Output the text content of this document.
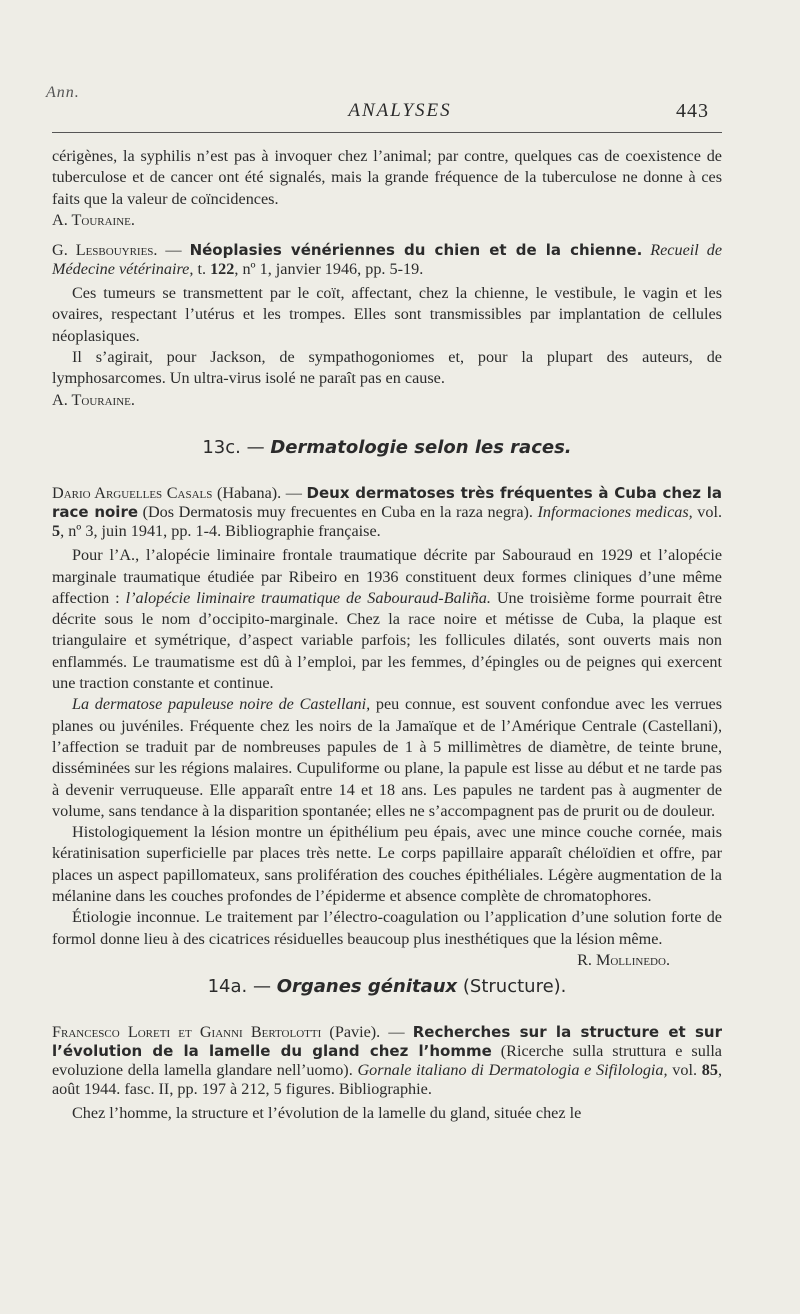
Ann.
ANALYSES	443

cérigènes, la syphilis n’est pas à invoquer chez l’animal; par contre, quelques cas de coexistence de tuberculose et de cancer ont été signalés, mais la grande fréquence de la tuberculose ne donne à ces faits que la valeur de coïncidences.

A. Touraine.

G. Lesbouyries. — Néoplasies vénériennes du chien et de la chienne. Recueil de Médecine vétérinaire, t. 122, nº 1, janvier 1946, pp. 5-19.

Ces tumeurs se transmettent par le coït, affectant, chez la chienne, le vestibule, le vagin et les ovaires, respectant l’utérus et les trompes. Elles sont transmissibles par implantation de cellules néoplasiques.

Il s’agirait, pour Jackson, de sympathogoniomes et, pour la plupart des auteurs, de lymphosarcomes. Un ultra-virus isolé ne paraît pas en cause.

A. Touraine.

13c. — Dermatologie selon les races.

Dario Arguelles Casals (Habana). — Deux dermatoses très fréquentes à Cuba chez la race noire (Dos Dermatosis muy frecuentes en Cuba en la raza negra). Informaciones medicas, vol. 5, nº 3, juin 1941, pp. 1-4. Bibliographie française.

Pour l’A., l’alopécie liminaire frontale traumatique décrite par Sabouraud en 1929 et l’alopécie marginale traumatique étudiée par Ribeiro en 1936 constituent deux formes cliniques d’une même affection : l’alopécie liminaire traumatique de Sabouraud-Baliña. Une troisième forme pourrait être décrite sous le nom d’occipito-marginale. Chez la race noire et métisse de Cuba, la plaque est triangulaire et symétrique, d’aspect variable parfois; les follicules dilatés, sont ouverts mais non enflammés. Le traumatisme est dû à l’emploi, par les femmes, d’épingles ou de peignes qui exercent une traction constante et continue.

La dermatose papuleuse noire de Castellani, peu connue, est souvent confondue avec les verrues planes ou juvéniles. Fréquente chez les noirs de la Jamaïque et de l’Amérique Centrale (Castellani), l’affection se traduit par de nombreuses papules de 1 à 5 millimètres de diamètre, de teinte brune, disséminées sur les régions malaires. Cupuliforme ou plane, la papule est lisse au début et ne tarde pas à devenir verruqueuse. Elle apparaît entre 14 et 18 ans. Les papules ne tardent pas à augmenter de volume, sans tendance à la disparition spontanée; elles ne s’accompagnent pas de prurit ou de douleur.

Histologiquement la lésion montre un épithélium peu épais, avec une mince couche cornée, mais kératinisation superficielle par places très nette. Le corps papillaire apparaît chéloïdien et offre, par places un aspect papillomateux, sans prolifération des couches épithéliales. Légère augmentation de la mélanine dans les couches profondes de l’épiderme et absence complète de chromatophores.

Étiologie inconnue. Le traitement par l’électro-coagulation ou l’application d’une solution forte de formol donne lieu à des cicatrices résiduelles beaucoup plus inesthétiques que la lésion même.
R. Mollinedo.

14a. — Organes génitaux (Structure).

Francesco Loreti et Gianni Bertolotti (Pavie). — Recherches sur la structure et sur l’évolution de la lamelle du gland chez l’homme (Ricerche sulla struttura e sulla evoluzione della lamella glandare nell’uomo). Gornale italiano di Dermatologia e Sifilologia, vol. 85, août 1944. fasc. II, pp. 197 à 212, 5 figures. Bibliographie.

Chez l’homme, la structure et l’évolution de la lamelle du gland, située chez le
